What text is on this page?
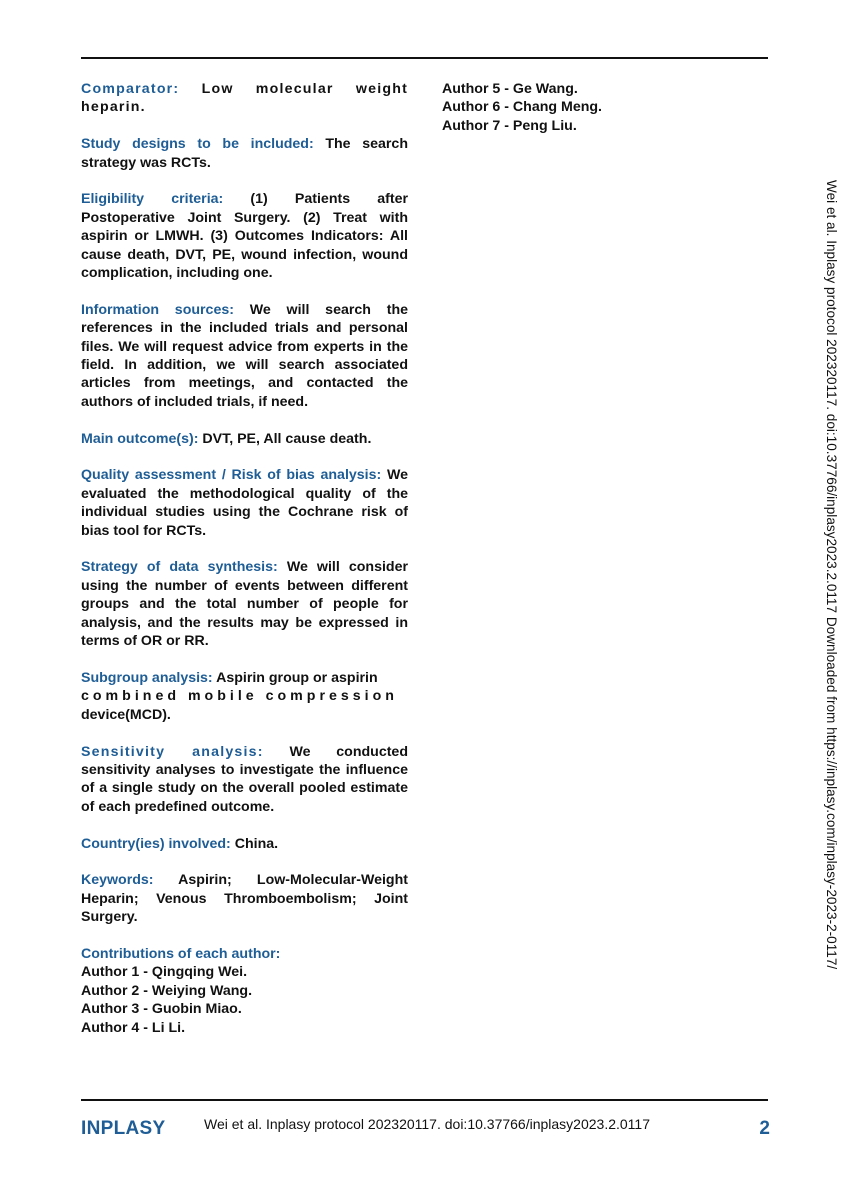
Comparator: Low molecular weight heparin.

Study designs to be included: The search strategy was RCTs.

Eligibility criteria: (1) Patients after Postoperative Joint Surgery. (2) Treat with aspirin or LMWH. (3) Outcomes Indicators: All cause death, DVT, PE, wound infection, wound complication, including one.

Information sources: We will search the references in the included trials and personal files. We will request advice from experts in the field. In addition, we will search associated articles from meetings, and contacted the authors of included trials, if need.

Main outcome(s): DVT, PE, All cause death.

Quality assessment / Risk of bias analysis: We evaluated the methodological quality of the individual studies using the Cochrane risk of bias tool for RCTs.

Strategy of data synthesis: We will consider using the number of events between different groups and the total number of people for analysis, and the results may be expressed in terms of OR or RR.

Subgroup analysis: Aspirin group or aspirin
combined mobile compression
device(MCD).

Sensitivity analysis: We conducted sensitivity analyses to investigate the influence of a single study on the overall pooled estimate of each predefined outcome.

Country(ies) involved: China.

Keywords: Aspirin; Low-Molecular-Weight Heparin; Venous Thromboembolism; Joint Surgery.

Contributions of each author:
Author 1 - Qingqing Wei.
Author 2 - Weiying Wang.
Author 3 - Guobin Miao.
Author 4 - Li Li.

Author 5 - Ge Wang.
Author 6 - Chang Meng.
Author 7 - Peng Liu.
Wei et al. Inplasy protocol 202320117. doi:10.37766/inplasy2023.2.0117 Downloaded from https://inplasy.com/inplasy-2023-2-0117/
INPLASY	Wei et al. Inplasy protocol 202320117. doi:10.37766/inplasy2023.2.0117	2
